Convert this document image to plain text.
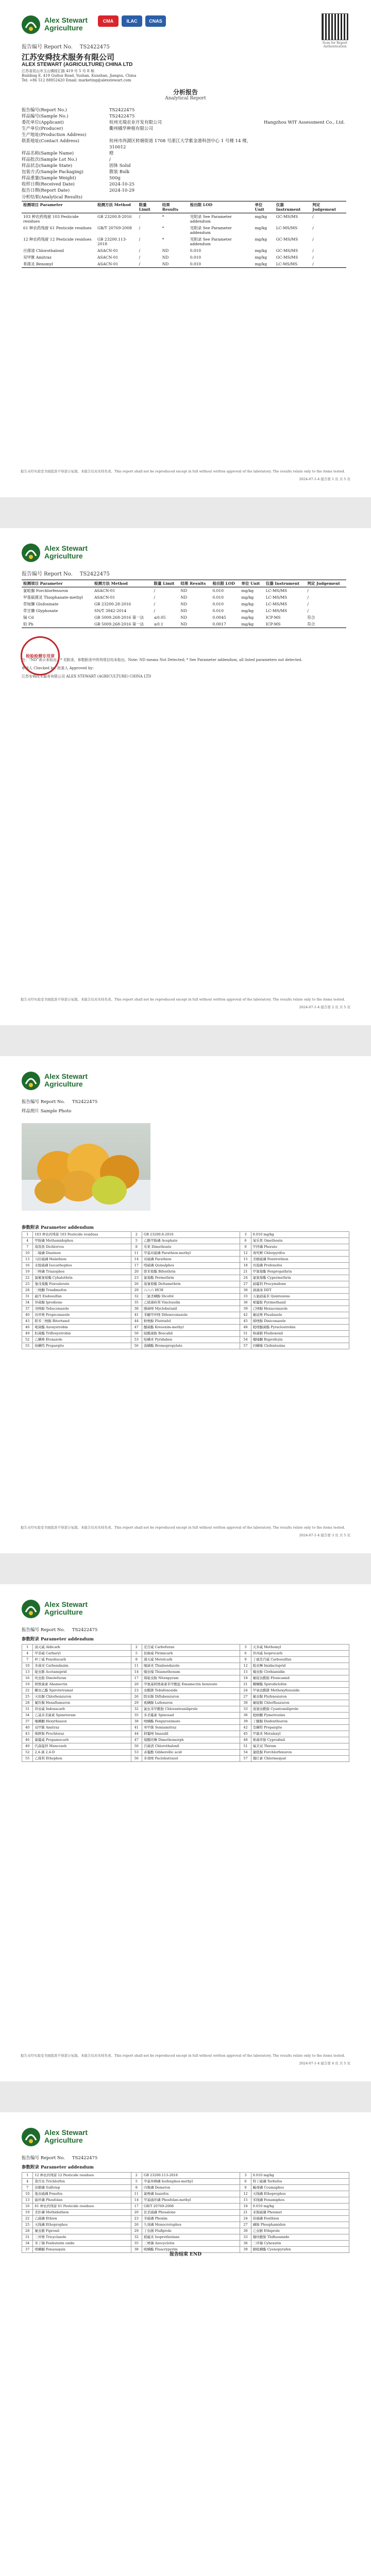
Alex Stewart
Agriculture
CMA	ILAC	CNAS
Scan for Report Authentication
报告编号 Report No. TS2422475
江苏安舜技术服务有限公司
ALEX STEWART (AGRICULTURE) CHINA LTD
江苏省昆山市玉山镇桂汇路 419 号 5 号 E 栋
Building E, 419 Guihui Road, Yushan, Kunshan, Jiangsu, China
Tel: +86 512 88852420 Email: marketing@alexstewart.com
分析报告
Analytical Report
报告编号(Report No.)	TS2422475
样品编号(Sample No.)	TS2422475
委托单位(Applicant)	杭州光瑞农业开发有限公司	Hangzhou WIT Assessment Co., Ltd.
生产单位(Producer)	衢州橘华种植有限公司
生产地址(Production Address)
联系地址(Contact Address)	杭州市西湖区转塘街道 1708 号浙江大学紫金港科创中心 1 号楼 14 楼，310012
样品名称(Sample Name)	橙
样品批次(Sample Lot No.)	/
样品状态(Sample State)	固体 Solid
包装方式(Sample Packaging)	散装 Bulk
样品重量(Sample Weight)	500g
收样日期(Received Date)	2024-10-25
报告日期(Report Date)	2024-10-29
分析结果(Analytical Results)
检测项目 Parameter	检测方法 Method	限量 Limit	结果 Results	检出限 LOD	单位 Unit	仪器 Instrument	判定 Judgement
103 种农药残留 103 Pesticide residues	GB 23200.8-2016	/	*	见附录 See Parameter addendum	mg/kg	GC-MS/MS	/
61 种农药残留 61 Pesticide residues	GB/T 20769-2008	/	*	见附录 See Parameter addendum	mg/kg	LC-MS/MS	/
12 种农药残留 12 Pesticide residues	GB 23200.113-2018	/	*	见附录 See Parameter addendum	mg/kg	GC-MS/MS	/
百菌清 Chlorothalonil	ASACN-01	/	ND	0.010	mg/kg	GC-MS/MS	/
双甲脒 Amitraz	ASACN-01	/	ND	0.010	mg/kg	GC-MS/MS	/
苯菌灵 Benomyl	ASACN-01	/	ND	0.010	mg/kg	LC-MS/MS	/
报告未经实验室书面批准不得部分复制。本报告仅对来样负责。This report shall not be reproduced except in full without written approval of the laboratory. The results relate only to the items tested.
2024-07-1-4 报告第 1 页 共 5 页
Alex Stewart
Agriculture
报告编号 Report No. TS2422475
检测项目 Parameter	检测方法 Method	限量 Limit	结果 Results	检出限 LOD	单位 Unit	仪器 Instrument	判定 Judgement
氯吡脲 Forchlorfenuron	ASACN-01	/	ND	0.010	mg/kg	LC-MS/MS	/
甲基硫菌灵 Thiophanate-methyl	ASACN-01	/	ND	0.010	mg/kg	LC-MS/MS	/
草铵膦 Glufosinate	GB 23200.28-2016	/	ND	0.010	mg/kg	LC-MS/MS	/
草甘膦 Glyphosate	SN/T 3942-2014	/	ND	0.010	mg/kg	LC-MS/MS	/
镉 Cd	GB 5009.268-2016 第一法	≤0.05	ND	0.0045	mg/kg	ICP-MS	符合
铅 Pb	GB 5009.268-2016 第一法	≤0.1	ND	0.0017	mg/kg	ICP-MS	符合
注：“ND”表示未检出。* 见附录，参数附录中所列项目均未检出。Note: ND means Not Detected; * See Parameter addendum, all listed parameters not detected.
审核人 Checked by: 批准人 Approved by:
江苏安舜技术服务有限公司 ALEX STEWART (AGRICULTURE) CHINA LTD
检验检测专用章
报告未经实验室书面批准不得部分复制。本报告仅对来样负责。This report shall not be reproduced except in full without written approval of the laboratory. The results relate only to the items tested.
2024-07-1-4 报告第 2 页 共 5 页
Alex Stewart
Agriculture
报告编号 Report No. TS2422475
样品照片 Sample Photo
参数附录 Parameter addendum
1	103 种农药残留 103 Pesticide residues	2	GB 23200.8-2016	3	0.010 mg/kg
4	甲胺磷 Methamidophos	5	乙酰甲胺磷 Acephate	6	氧乐果 Omethoate
7	敌敌畏 Dichlorvos	8	乐果 Dimethoate	9	甲拌磷 Phorate
10	二嗪磷 Diazinon	11	甲基对硫磷 Parathion-methyl	12	毒死蜱 Chlorpyrifos
13	马拉硫磷 Malathion	14	对硫磷 Parathion	15	杀螟硫磷 Fenitrothion
16	水胺硫磷 Isocarbophos	17	喹硫磷 Quinalphos	18	丙溴磷 Profenofos
19	三唑磷 Triazophos	20	联苯菊酯 Bifenthrin	21	甲氰菊酯 Fenpropathrin
22	氯氟氰菊酯 Cyhalothrin	23	氯菊酯 Permethrin	24	氯氰菊酯 Cypermethrin
25	氰戊菊酯 Fenvalerate	26	溴氰菊酯 Deltamethrin	27	腐霉利 Procymidone
28	三唑酮 Triadimefon	29	六六六 HCH	30	滴滴涕 DDT
31	硫丹 Endosulfan	32	三氯杀螨醇 Dicofol	33	五氯硝基苯 Quintozene
34	异菌脲 Iprodione	35	乙烯菌核利 Vinclozolin	36	嘧霉胺 Pyrimethanil
37	戊唑醇 Tebuconazole	38	腈菌唑 Myclobutanil	39	己唑醇 Hexaconazole
40	丙环唑 Propiconazole	41	苯醚甲环唑 Difenoconazole	42	氟硅唑 Flusilazole
43	联苯三唑醇 Bitertanol	44	粉唑醇 Flutriafol	45	烯唑醇 Diniconazole
46	嘧菌酯 Azoxystrobin	47	醚菌酯 Kresoxim-methyl	48	吡唑醚菌酯 Pyraclostrobin
49	肟菌酯 Trifloxystrobin	50	啶酰菌胺 Boscalid	51	咯菌腈 Fludioxonil
52	乙螨唑 Etoxazole	53	哒螨灵 Pyridaben	54	噻嗪酮 Buprofezin
55	炔螨特 Propargite	56	溴螨酯 Bromopropylate	57	四螨嗪 Clofentezine
报告未经实验室书面批准不得部分复制。本报告仅对来样负责。This report shall not be reproduced except in full without written approval of the laboratory. The results relate only to the items tested.
2024-07-1-4 报告第 3 页 共 5 页
Alex Stewart
Agriculture
报告编号 Report No. TS2422475
参数附录 Parameter addendum
1	涕灭威 Aldicarb	2	克百威 Carbofuran	3	灭多威 Methomyl
4	甲萘威 Carbaryl	5	抗蚜威 Pirimicarb	6	异丙威 Isoprocarb
7	仲丁威 Fenobucarb	8	速灭威 Metolcarb	9	丁硫克百威 Carbosulfan
10	多菌灵 Carbendazim	11	噻菌灵 Thiabendazole	12	吡虫啉 Imidacloprid
13	啶虫脒 Acetamiprid	14	噻虫嗪 Thiamethoxam	15	噻虫胺 Clothianidin
16	呋虫胺 Dinotefuran	17	烯啶虫胺 Nitenpyram	18	氟啶虫酰胺 Flonicamid
19	阿维菌素 Abamectin	20	甲氨基阿维菌素苯甲酸盐 Emamectin benzoate	21	螺螨酯 Spirodiclofen
22	螺虫乙酯 Spirotetramat	23	虫酰肼 Tebufenozide	24	甲氧虫酰肼 Methoxyfenozide
25	灭幼脲 Chlorbenzuron	26	除虫脲 Diflubenzuron	27	氟虫脲 Flufenoxuron
28	氟铃脲 Hexaflumuron	29	虱螨脲 Lufenuron	30	氟啶脲 Chlorfluazuron
31	茚虫威 Indoxacarb	32	氯虫苯甲酰胺 Chlorantraniliprole	33	溴氰虫酰胺 Cyantraniliprole
34	乙基多杀菌素 Spinetoram	35	多杀霉素 Spinosad	36	吡蚜酮 Pymetrozine
37	噻螨酮 Hexythiazox	38	唑螨酯 Fenpyroximate	39	丁醚脲 Diafenthiuron
40	双甲脒 Amitraz	41	单甲脒 Semiamitraz	42	克螨特 Propargite
43	咪鲜胺 Prochloraz	44	抑霉唑 Imazalil	45	甲霜灵 Metalaxyl
46	霜霉威 Propamocarb	47	烯酰吗啉 Dimethomorph	48	嘧菌环胺 Cyprodinil
49	代森锰锌 Mancozeb	50	百菌清 Chlorothalonil	51	福美双 Thiram
52	2,4-滴 2,4-D	53	赤霉酸 Gibberellic acid	54	氯吡脲 Forchlorfenuron
55	乙烯利 Ethephon	56	多效唑 Paclobutrazol	57	矮壮素 Chlormequat
报告未经实验室书面批准不得部分复制。本报告仅对来样负责。This report shall not be reproduced except in full without written approval of the laboratory. The results relate only to the items tested.
2024-07-1-4 报告第 4 页 共 5 页
Alex Stewart
Agriculture
报告编号 Report No. TS2422475
参数附录 Parameter addendum
1	12 种农药残留 12 Pesticide residues	2	GB 23200.113-2018	3	0.010 mg/kg
4	敌百虫 Trichlorfon	5	甲基异柳磷 Isofenphos-methyl	6	特丁硫磷 Terbufos
7	治螟磷 Sulfotep	8	内吸磷 Demeton	9	蝇毒磷 Coumaphos
10	地虫硫磷 Fonofos	11	氯唑磷 Isazofos	12	灭线磷 Ethoprophos
13	硫环磷 Phosfolan	14	甲基硫环磷 Phosfolan-methyl	15	苯线磷 Fenamiphos
16	61 种农药残留 61 Pesticide residues	17	GB/T 20769-2008	18	0.010 mg/kg
19	杀扑磷 Methidathion	20	伏杀硫磷 Phosalone	21	亚胺硫磷 Phosmet
22	乙硫磷 Ethion	23	辛硫磷 Phoxim	24	倍硫磷 Fenthion
25	灭线磷 Ethoprophos	26	久效磷 Monocrotophos	27	磷胺 Phosphamidon
28	氟虫腈 Fipronil	29	丁虫腈 Flufiprole	30	乙虫腈 Ethiprole
31	三环唑 Tricyclazole	32	稻瘟灵 Isoprothiolane	33	噻呋酰胺 Thifluzamide
34	苯丁锡 Fenbutatin oxide	35	三唑锡 Azocyclotin	36	三环锡 Cyhexatin
37	喹螨醚 Fenazaquin	38	嘧螨酯 Fluacrypyrim	39	腈吡螨酯 Cyenopyrafen
报告结束 END
